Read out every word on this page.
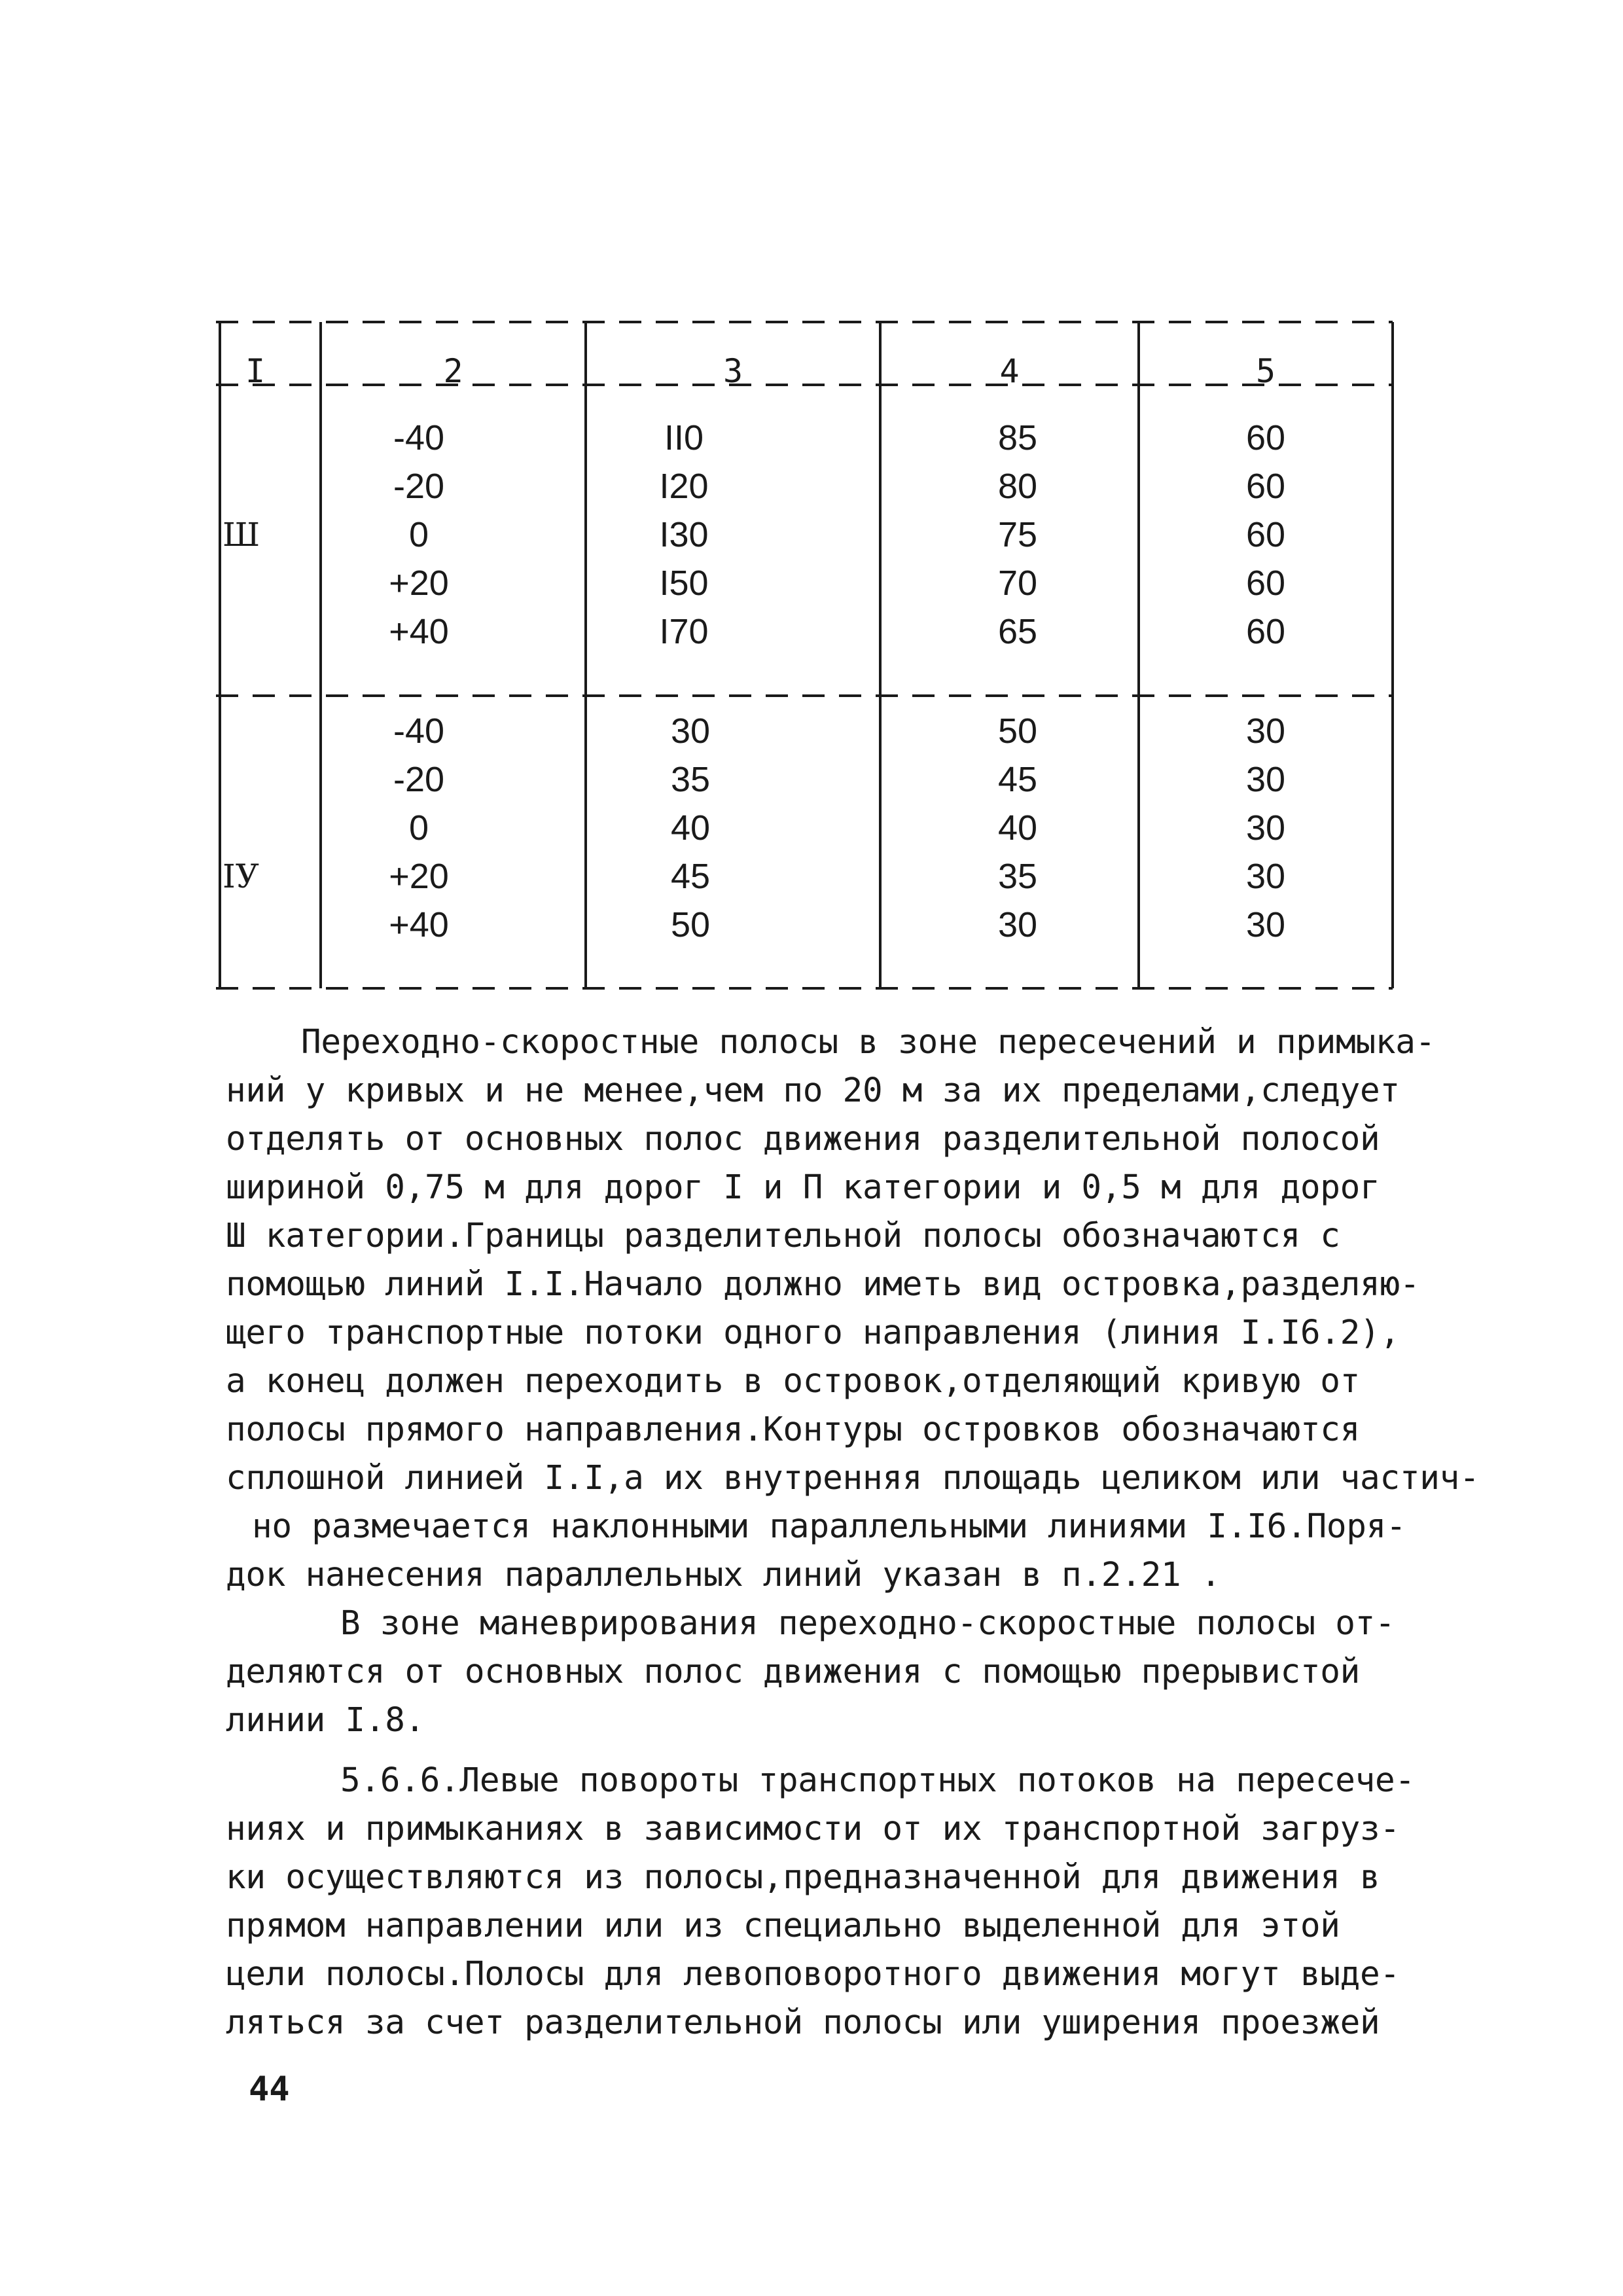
I	2	3	4	5
Ш
-40	II0	85	60
-20	I20	80	60
0	I30	75	60
+20	I50	70	60
+40	I70	65	60
IУ
-40	30	50	30
-20	35	45	30
0	40	40	30
+20	45	35	30
+40	50	30	30
Переходно-скоростные полосы в зоне пересечений и примыка-
ний у кривых и не менее,чем по 20 м за их пределами,следует
отделять от основных полос движения разделительной полосой
шириной 0,75 м для дорог I и П категории и 0,5 м для дорог
Ш категории.Границы разделительной полосы обозначаются с
помощью линий I.I.Начало должно иметь вид островка,разделяю-
щего транспортные потоки одного направления (линия I.I6.2),
а конец должен переходить в островок,отделяющий кривую от
полосы прямого направления.Контуры островков обозначаются
сплошной линией I.I,а их внутренняя площадь целиком или частич-
но размечается наклонными параллельными линиями I.I6.Поря-
док нанесения параллельных линий указан в п.2.21 .
В зоне маневрирования переходно-скоростные полосы от-
деляются от основных полос движения с помощью прерывистой
линии I.8.
5.6.6.Левые повороты транспортных потоков на пересече-
ниях и примыканиях в зависимости от их транспортной загруз-
ки осуществляются из полосы,предназначенной для движения в
прямом направлении или из специально выделенной для этой
цели полосы.Полосы для левоповоротного движения могут выде-
ляться за счет разделительной полосы или уширения проезжей
44
